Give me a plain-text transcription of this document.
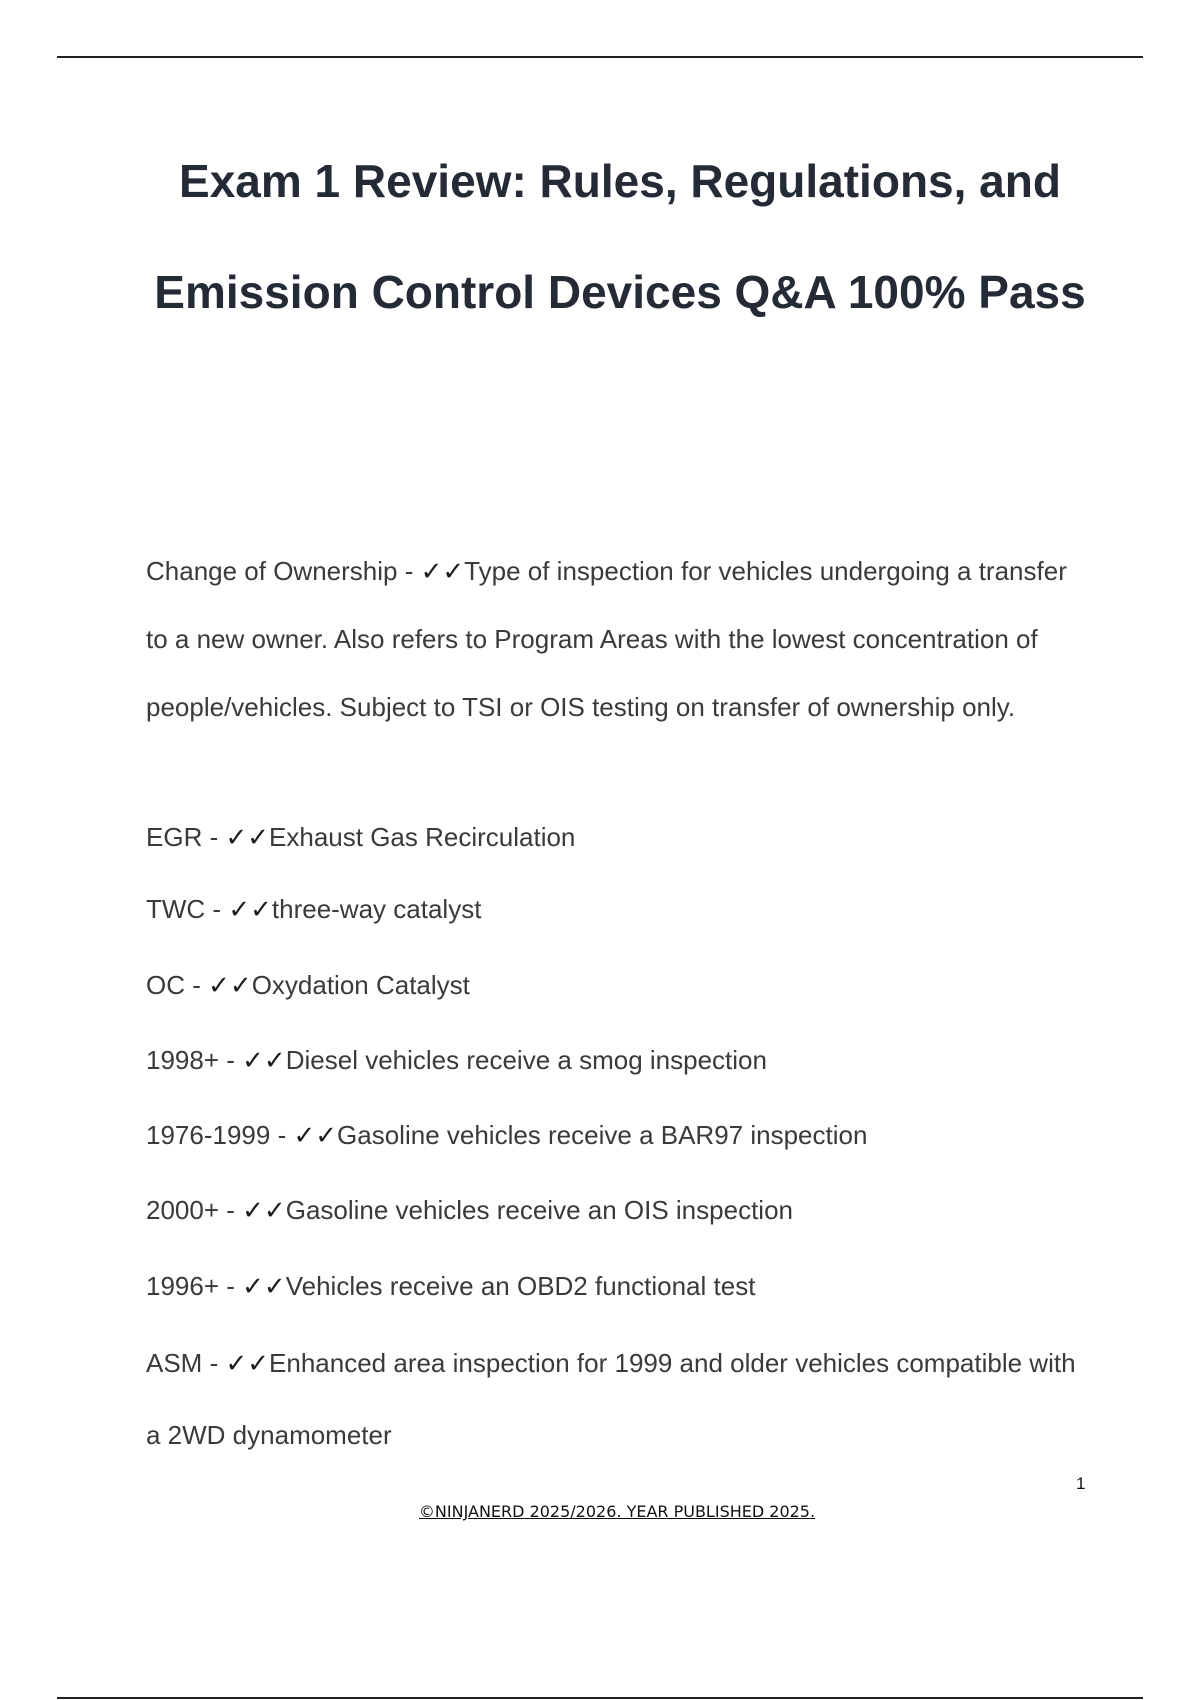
Exam 1 Review: Rules, Regulations, and Emission Control Devices Q&A 100% Pass

Change of Ownership - ✓✓Type of inspection for vehicles undergoing a transfer to a new owner. Also refers to Program Areas with the lowest concentration of people/vehicles. Subject to TSI or OIS testing on transfer of ownership only.

EGR - ✓✓Exhaust Gas Recirculation

TWC - ✓✓three-way catalyst

OC - ✓✓Oxydation Catalyst

1998+ - ✓✓Diesel vehicles receive a smog inspection

1976-1999 - ✓✓Gasoline vehicles receive a BAR97 inspection

2000+ - ✓✓Gasoline vehicles receive an OIS inspection

1996+ - ✓✓Vehicles receive an OBD2 functional test

ASM - ✓✓Enhanced area inspection for 1999 and older vehicles compatible with a 2WD dynamometer

1
©NINJANERD 2025/2026. YEAR PUBLISHED 2025.
